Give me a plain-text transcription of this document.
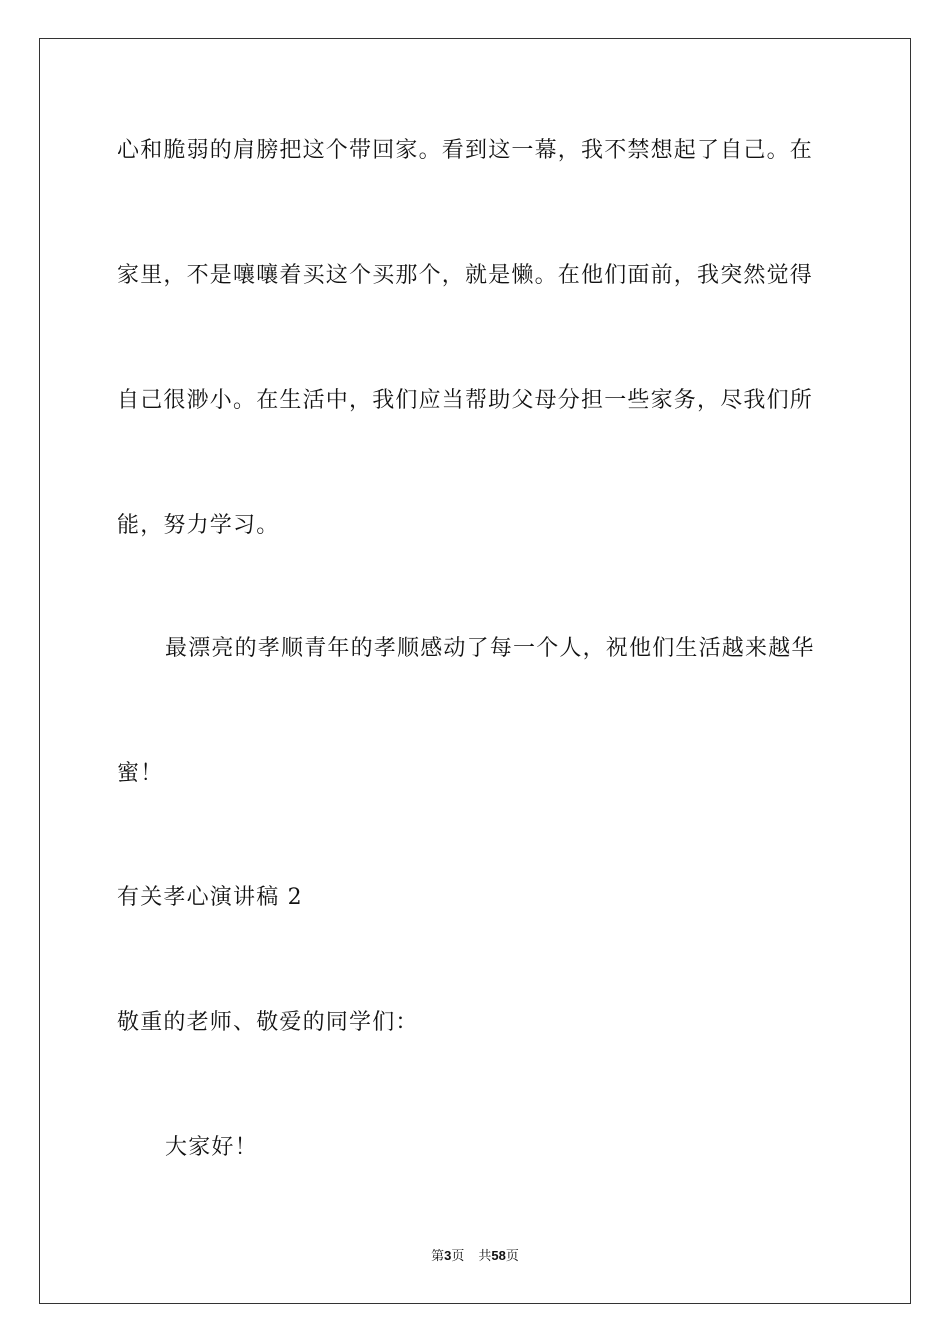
心和脆弱的肩膀把这个带回家。看到这一幕，我不禁想起了自己。在
家里，不是嚷嚷着买这个买那个，就是懒。在他们面前，我突然觉得
自己很渺小。在生活中，我们应当帮助父母分担一些家务，尽我们所
能，努力学习。
最漂亮的孝顺青年的孝顺感动了每一个人，祝他们生活越来越华
蜜！
有关孝心演讲稿 2
敬重的老师、敬爱的同学们：
大家好！
第3页 共58页
